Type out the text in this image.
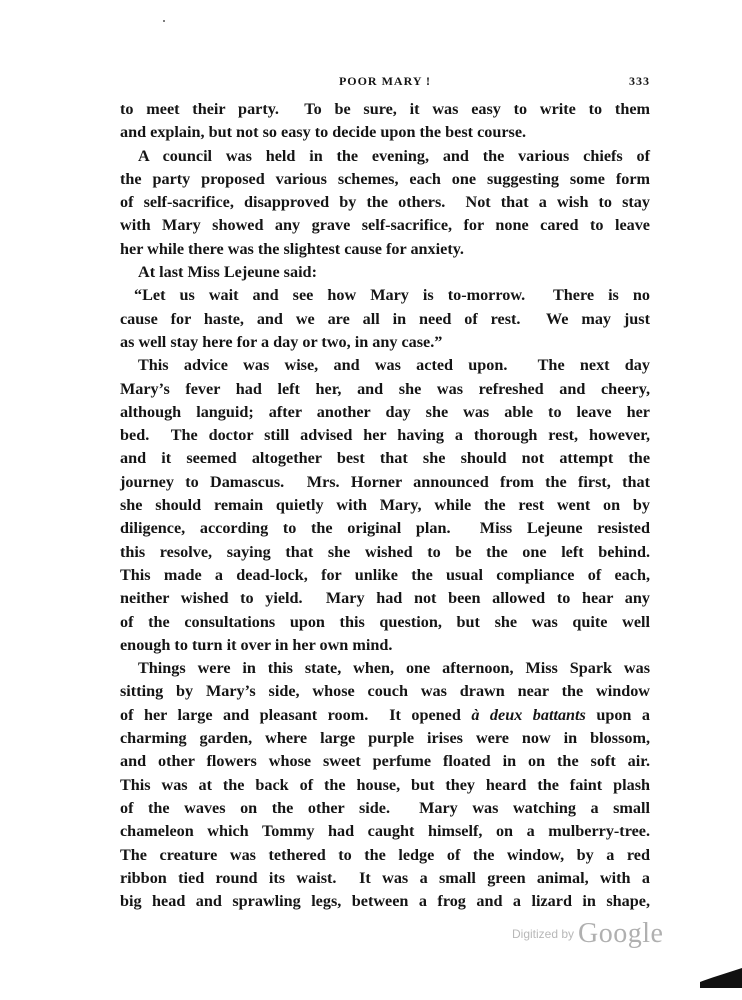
POOR MARY !	333
to meet their party.  To be sure, it was easy to write to them
and explain, but not so easy to decide upon the best course.
A council was held in the evening, and the various chiefs of
the party proposed various schemes, each one suggesting some form
of self-sacrifice, disapproved by the others.  Not that a wish to stay
with Mary showed any grave self-sacrifice, for none cared to leave
her while there was the slightest cause for anxiety.
At last Miss Lejeune said:
“Let us wait and see how Mary is to-morrow.  There is no
cause for haste, and we are all in need of rest.  We may just
as well stay here for a day or two, in any case.”
This advice was wise, and was acted upon.  The next day
Mary’s fever had left her, and she was refreshed and cheery,
although languid; after another day she was able to leave her
bed.  The doctor still advised her having a thorough rest, however,
and it seemed altogether best that she should not attempt the
journey to Damascus.  Mrs. Horner announced from the first, that
she should remain quietly with Mary, while the rest went on by
diligence, according to the original plan.  Miss Lejeune resisted
this resolve, saying that she wished to be the one left behind.
This made a dead-lock, for unlike the usual compliance of each,
neither wished to yield.  Mary had not been allowed to hear any
of the consultations upon this question, but she was quite well
enough to turn it over in her own mind.
Things were in this state, when, one afternoon, Miss Spark was
sitting by Mary’s side, whose couch was drawn near the window
of her large and pleasant room.  It opened à deux battants upon a
charming garden, where large purple irises were now in blossom,
and other flowers whose sweet perfume floated in on the soft air.
This was at the back of the house, but they heard the faint plash
of the waves on the other side.  Mary was watching a small
chameleon which Tommy had caught himself, on a mulberry-tree.
The creature was tethered to the ledge of the window, by a red
ribbon tied round its waist.  It was a small green animal, with a
big head and sprawling legs, between a frog and a lizard in shape,
Digitized by Google
